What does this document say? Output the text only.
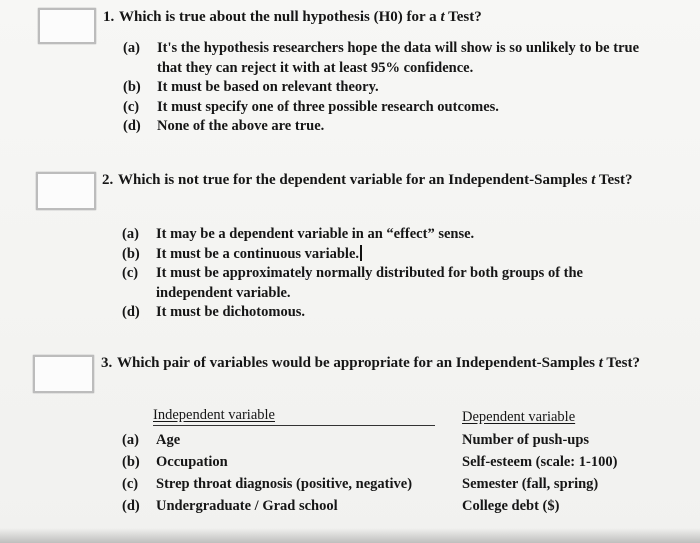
1. Which is true about the null hypothesis (H0) for a t Test?
(a) It's the hypothesis researchers hope the data will show is so unlikely to be true that they can reject it with at least 95% confidence.
(b) It must be based on relevant theory.
(c) It must specify one of three possible research outcomes.
(d) None of the above are true.
2. Which is not true for the dependent variable for an Independent-Samples t Test?
(a) It may be a dependent variable in an “effect” sense.
(b) It must be a continuous variable.
(c) It must be approximately normally distributed for both groups of the independent variable.
(d) It must be dichotomous.
3. Which pair of variables would be appropriate for an Independent-Samples t Test?
Independent variable	Dependent variable
(a) Age	Number of push-ups
(b) Occupation	Self-esteem (scale: 1-100)
(c) Strep throat diagnosis (positive, negative)	Semester (fall, spring)
(d) Undergraduate / Grad school	College debt ($)
